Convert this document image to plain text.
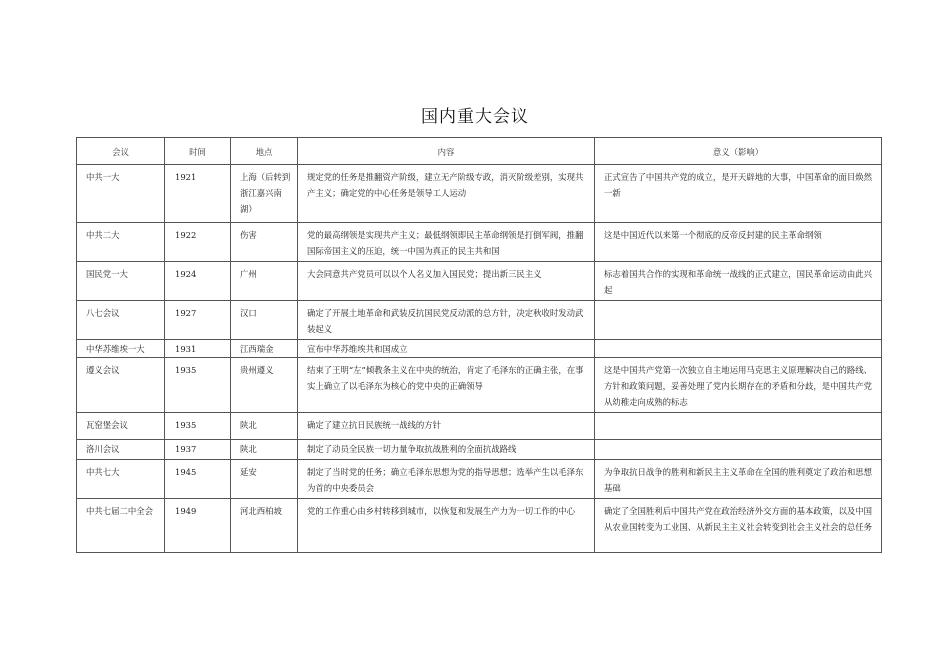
国内重大会议
会议	时间	地点	内容	意义（影响）
中共一大	1921	上海（后转到浙江嘉兴南湖）	规定党的任务是推翻资产阶级，建立无产阶级专政，消灭阶级差别，实现共产主义；确定党的中心任务是领导工人运动	正式宣告了中国共产党的成立，是开天辟地的大事，中国革命的面目焕然一新
中共二大	1922	伤害	党的最高纲领是实现共产主义；最低纲领即民主革命纲领是打倒军阀，推翻国际帝国主义的压迫，统一中国为真正的民主共和国	这是中国近代以来第一个彻底的反帝反封建的民主革命纲领
国民党一大	1924	广州	大会同意共产党员可以以个人名义加入国民党；提出新三民主义	标志着国共合作的实现和革命统一战线的正式建立，国民革命运动由此兴起
八七会议	1927	汉口	确定了开展土地革命和武装反抗国民党反动派的总方针，决定秋收时发动武装起义	
中华苏维埃一大	1931	江西瑞金	宣布中华苏维埃共和国成立	
遵义会议	1935	贵州遵义	结束了王明“左”倾教条主义在中央的统治，肯定了毛泽东的正确主张，在事实上确立了以毛泽东为核心的党中央的正确领导	这是中国共产党第一次独立自主地运用马克思主义原理解决自己的路线、方针和政策问题，妥善处理了党内长期存在的矛盾和分歧，是中国共产党从幼稚走向成熟的标志
瓦窑堡会议	1935	陕北	确定了建立抗日民族统一战线的方针	
洛川会议	1937	陕北	制定了动员全民族一切力量争取抗战胜利的全面抗战路线	
中共七大	1945	延安	制定了当时党的任务；确立毛泽东思想为党的指导思想；选举产生以毛泽东为首的中央委员会	为争取抗日战争的胜利和新民主主义革命在全国的胜利奠定了政治和思想基础
中共七届二中全会	1949	河北西柏坡	党的工作重心由乡村转移到城市，以恢复和发展生产力为一切工作的中心	确定了全国胜利后中国共产党在政治经济外交方面的基本政策，以及中国从农业国转变为工业国、从新民主主义社会转变到社会主义社会的总任务
